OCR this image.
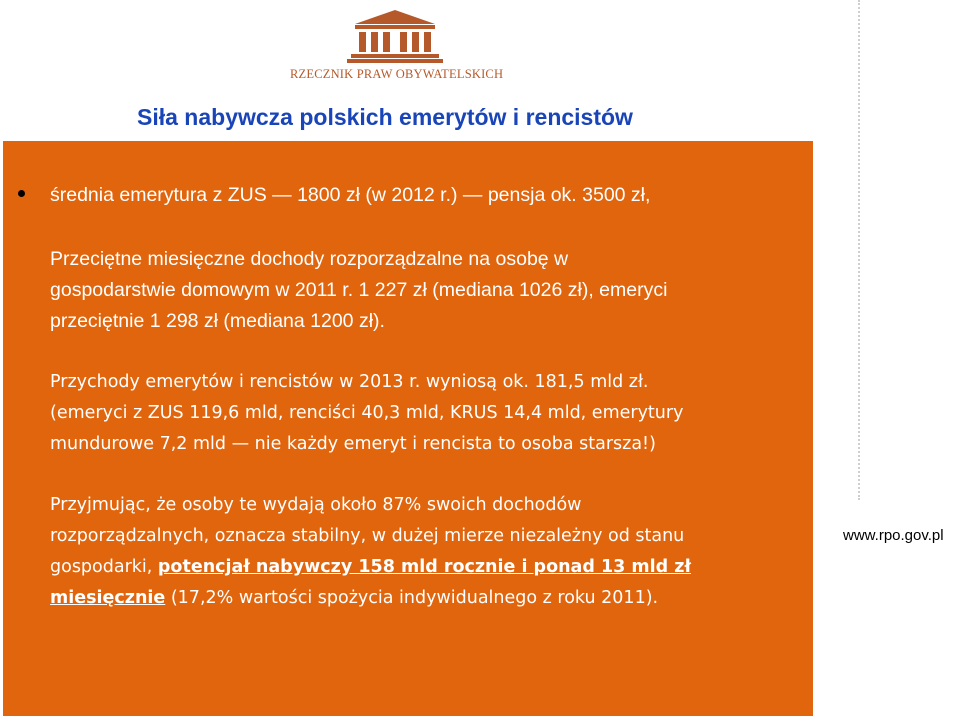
RZECZNIK PRAW OBYWATELSKICH
Siła nabywcza polskich emerytów i rencistów
średnia emerytura z ZUS — 1800 zł (w 2012 r.) — pensja ok. 3500 zł,
Przeciętne miesięczne dochody rozporządzalne na osobę w
gospodarstwie domowym w 2011 r. 1 227 zł (mediana 1026 zł), emeryci
przeciętnie 1 298 zł (mediana 1200 zł).
Przychody emerytów i rencistów w 2013 r. wyniosą ok. 181,5 mld zł.
(emeryci z ZUS 119,6 mld, renciści 40,3 mld, KRUS 14,4 mld, emerytury
mundurowe 7,2 mld — nie każdy emeryt i rencista to osoba starsza!)
Przyjmując, że osoby te wydają około 87% swoich dochodów
rozporządzalnych, oznacza stabilny, w dużej mierze niezależny od stanu
gospodarki, potencjał nabywczy 158 mld rocznie i ponad 13 mld zł
miesięcznie (17,2% wartości spożycia indywidualnego z roku 2011).
www.rpo.gov.pl
